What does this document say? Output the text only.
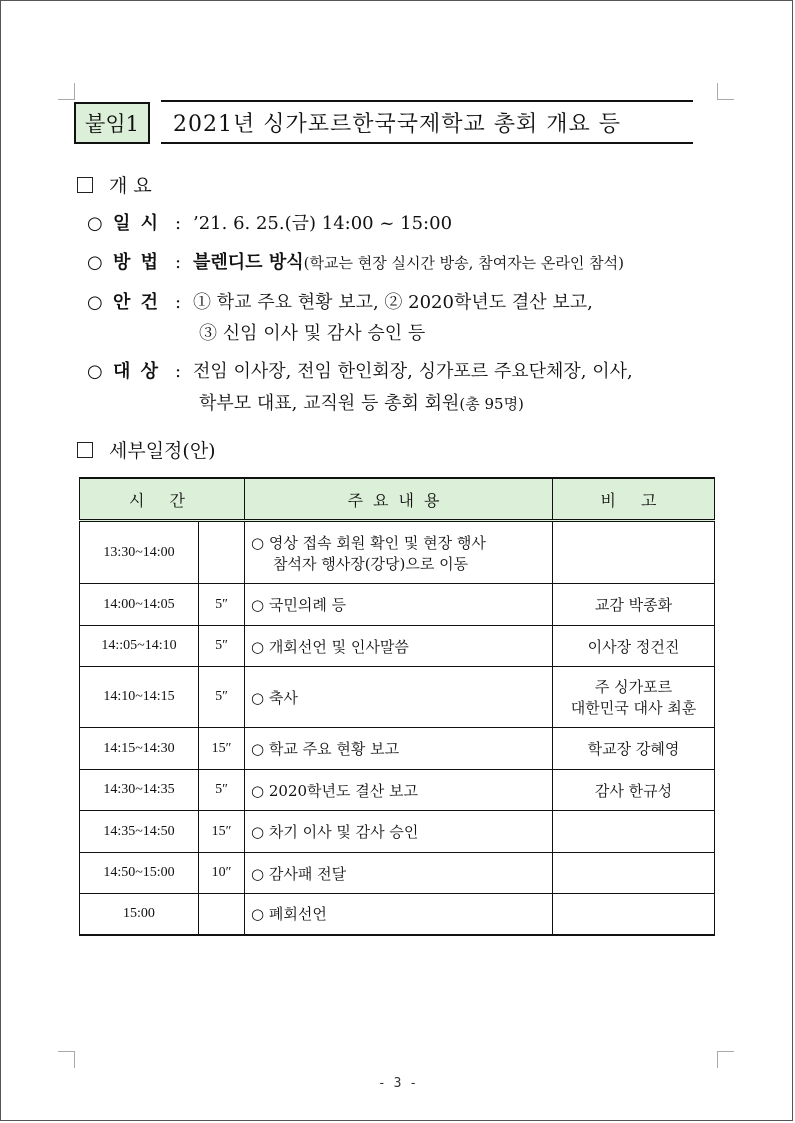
붙임1	2021년 싱가포르한국국제학교 총회 개요 등
개 요
○ 일 시 : ’21. 6. 25.(금) 14:00 ~ 15:00
○ 방 법 : 블렌디드 방식(학교는 현장 실시간 방송, 참여자는 온라인 참석)
○ 안 건 : ① 학교 주요 현황 보고, ② 2020학년도 결산 보고,
③ 신임 이사 및 감사 승인 등
○ 대 상 : 전임 이사장, 전임 한인회장, 싱가포르 주요단체장, 이사,
학부모 대표, 교직원 등 총회 회원(총 95명)
세부일정(안)
시 간		주요내용	비 고
13:30~14:00		○ 영상 접속 회원 확인 및 현장 행사
참석자 행사장(강당)으로 이동	

14:00~14:05	5″	○ 국민의례 등	교감 박종화
14::05~14:10	5″	○ 개회선언 및 인사말씀	이사장 정건진
14:10~14:15	5″	○ 축사	주 싱가포르
대한민국 대사 최훈

14:15~14:30	15″	○ 학교 주요 현황 보고	학교장 강혜영
14:30~14:35	5″	○ 2020학년도 결산 보고	감사 한규성
14:35~14:50	15″	○ 차기 이사 및 감사 승인	
14:50~15:00	10″	○ 감사패 전달	
15:00		○ 폐회선언	
- 3 -
